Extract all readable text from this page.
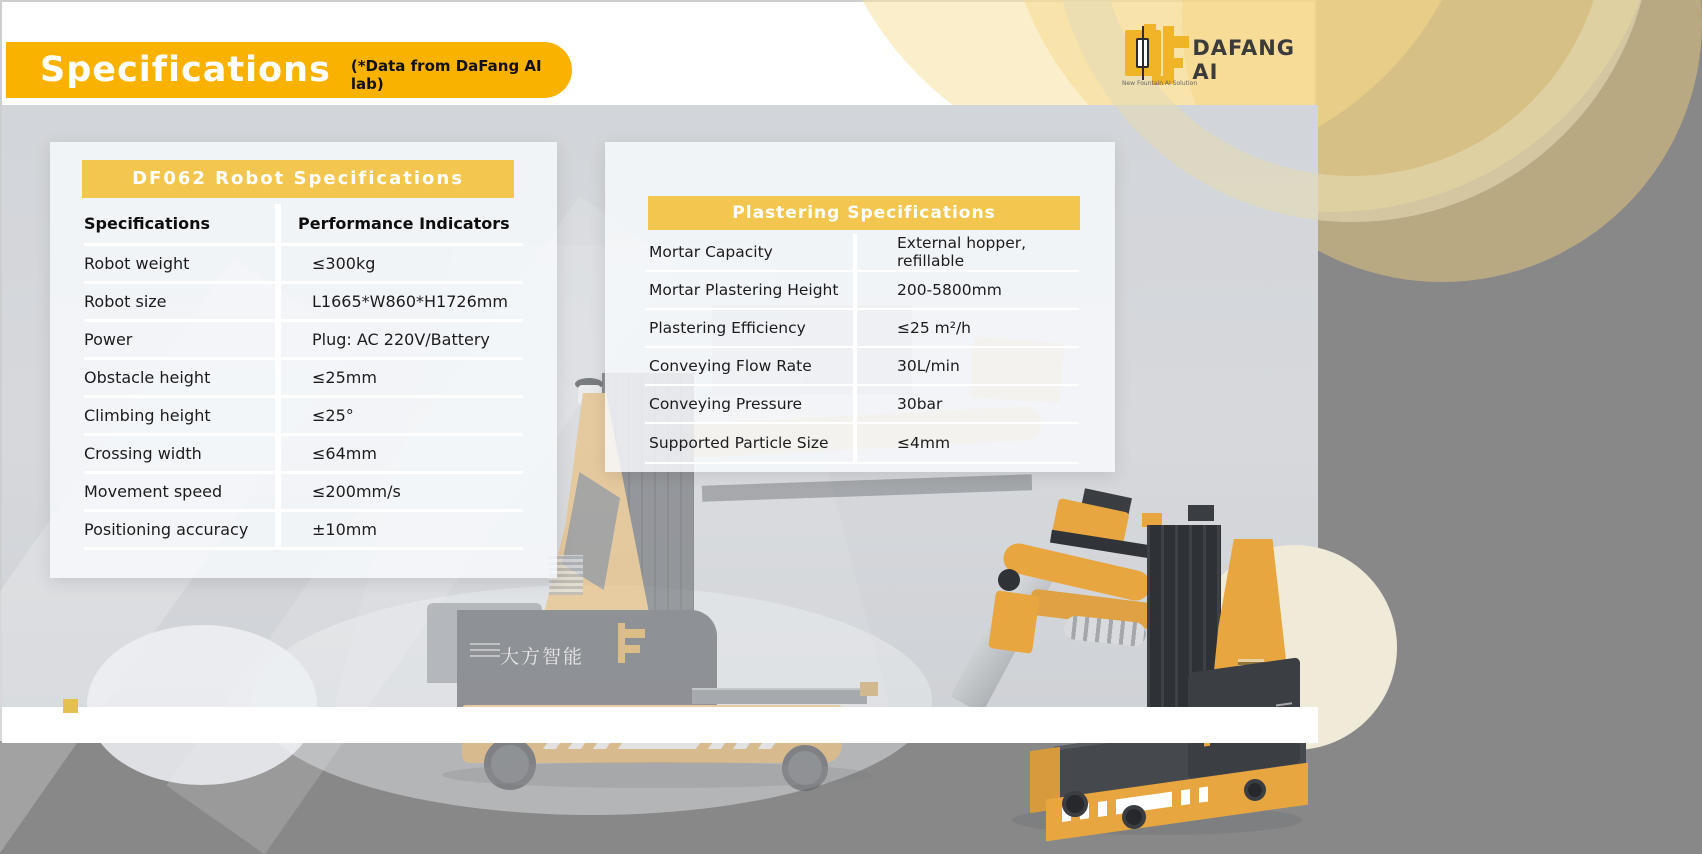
Specifications (*Data from DaFang AI lab)	New Fountain AI Solution
DAFANG AI
大方智能
DF062 Robot Specifications
Specifications	Performance Indicators
Robot weight	≤300kg
Robot size	L1665*W860*H1726mm
Power	Plug: AC 220V/Battery
Obstacle height	≤25mm
Climbing height	≤25°
Crossing width	≤64mm
Movement speed	≤200mm/s
Positioning accuracy	±10mm
Plastering Specifications
Mortar Capacity	External hopper, refillable
Mortar Plastering Height	200-5800mm
Plastering Efficiency	≤25 m²/h
Conveying Flow Rate	30L/min
Conveying Pressure	30bar
Supported Particle Size	≤4mm
